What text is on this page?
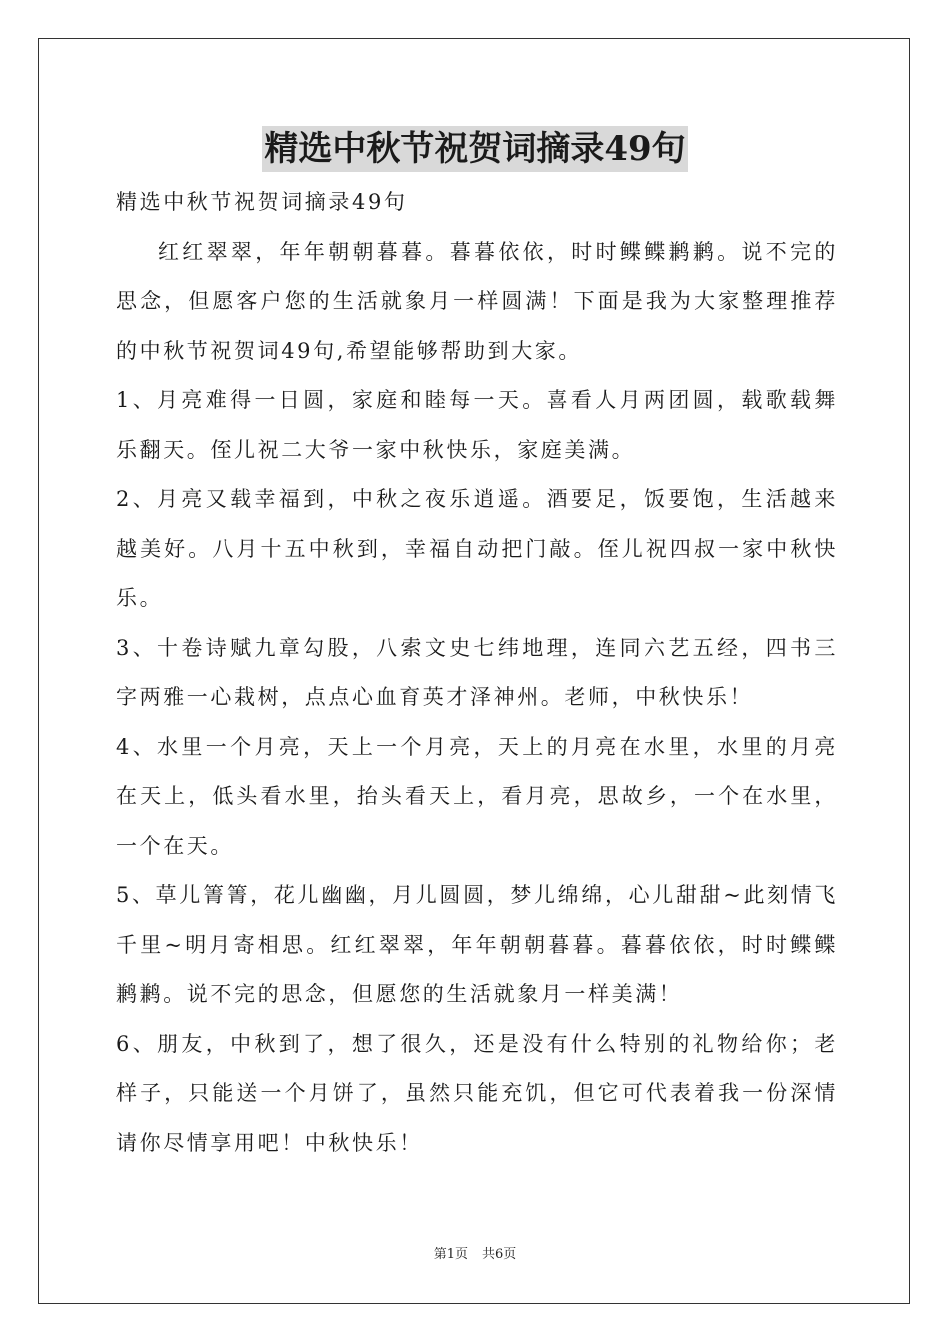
精选中秋节祝贺词摘录49句

精选中秋节祝贺词摘录49句

红红翠翠，年年朝朝暮暮。暮暮依依，时时鲽鲽鹣鹣。说不完的思念，但愿客户您的生活就象月一样圆满！下面是我为大家整理推荐的中秋节祝贺词49句,希望能够帮助到大家。

1、月亮难得一日圆，家庭和睦每一天。喜看人月两团圆，载歌载舞乐翻天。侄儿祝二大爷一家中秋快乐，家庭美满。

2、月亮又载幸福到，中秋之夜乐逍遥。酒要足，饭要饱，生活越来越美好。八月十五中秋到，幸福自动把门敲。侄儿祝四叔一家中秋快乐。

3、十卷诗赋九章勾股，八索文史七纬地理，连同六艺五经，四书三字两雅一心栽树，点点心血育英才泽神州。老师，中秋快乐！

4、水里一个月亮，天上一个月亮，天上的月亮在水里，水里的月亮在天上，低头看水里，抬头看天上，看月亮，思故乡，一个在水里，一个在天。

5、草儿箐箐，花儿幽幽，月儿圆圆，梦儿绵绵，心儿甜甜~此刻情飞千里~明月寄相思。红红翠翠，年年朝朝暮暮。暮暮依依，时时鲽鲽鹣鹣。说不完的思念，但愿您的生活就象月一样美满！

6、朋友，中秋到了，想了很久，还是没有什么特别的礼物给你；老样子，只能送一个月饼了，虽然只能充饥，但它可代表着我一份深情请你尽情享用吧！中秋快乐！

第1页 共6页
